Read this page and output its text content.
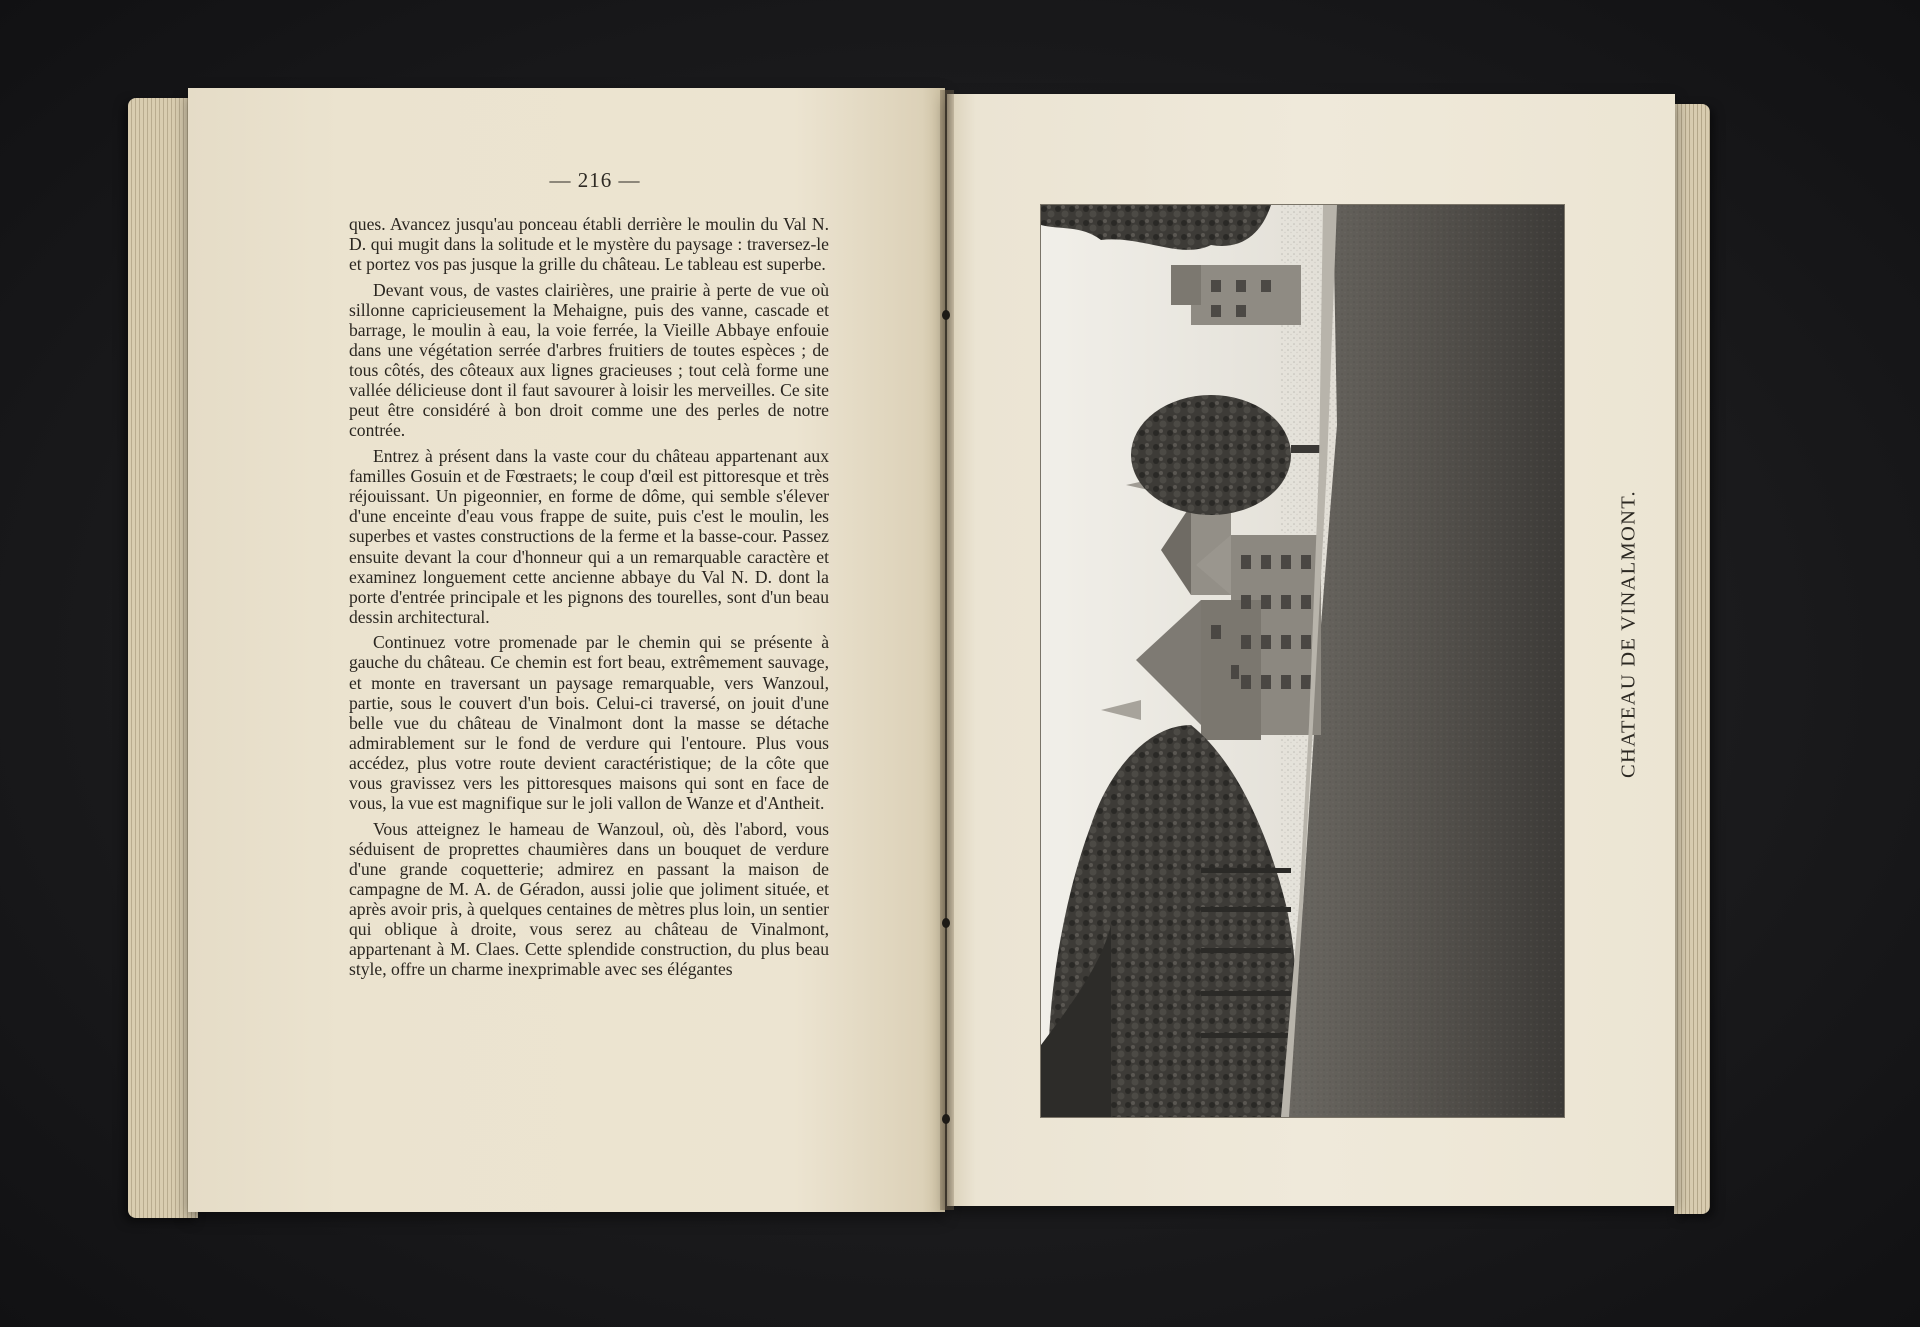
— 216 —

ques. Avancez jusqu'au ponceau établi derrière le moulin du Val N. D. qui mugit dans la solitude et le mystère du paysage : traversez-le et portez vos pas jusque la grille du château. Le tableau est superbe.

Devant vous, de vastes clairières, une prairie à perte de vue où sillonne capricieusement la Mehaigne, puis des vanne, cascade et barrage, le moulin à eau, la voie ferrée, la Vieille Abbaye enfouie dans une végétation serrée d'arbres fruitiers de toutes espèces ; de tous côtés, des côteaux aux lignes gracieuses ; tout celà forme une vallée délicieuse dont il faut savourer à loisir les merveilles. Ce site peut être considéré à bon droit comme une des perles de notre contrée.

Entrez à présent dans la vaste cour du château appartenant aux familles Gosuin et de Fœstraets; le coup d'œil est pittoresque et très réjouissant. Un pigeonnier, en forme de dôme, qui semble s'élever d'une enceinte d'eau vous frappe de suite, puis c'est le moulin, les superbes et vastes constructions de la ferme et la basse-cour. Passez ensuite devant la cour d'honneur qui a un remarquable caractère et examinez longuement cette ancienne abbaye du Val N. D. dont la porte d'entrée principale et les pignons des tourelles, sont d'un beau dessin architectural.

Continuez votre promenade par le chemin qui se présente à gauche du château. Ce chemin est fort beau, extrêmement sauvage, et monte en traversant un paysage remarquable, vers Wanzoul, partie, sous le couvert d'un bois. Celui-ci traversé, on jouit d'une belle vue du château de Vinalmont dont la masse se détache admirablement sur le fond de verdure qui l'entoure. Plus vous accédez, plus votre route devient caractéristique; de la côte que vous gravissez vers les pittoresques maisons qui sont en face de vous, la vue est magnifique sur le joli vallon de Wanze et d'Antheit.

Vous atteignez le hameau de Wanzoul, où, dès l'abord, vous séduisent de proprettes chaumières dans un bouquet de verdure d'une grande coquetterie; admirez en passant la maison de campagne de M. A. de Géradon, aussi jolie que joliment située, et après avoir pris, à quelques centaines de mètres plus loin, un sentier qui oblique à droite, vous serez au château de Vinalmont, appartenant à M. Claes. Cette splendide construction, du plus beau style, offre un charme inexprimable avec ses élégantes

CHATEAU DE VINALMONT.
